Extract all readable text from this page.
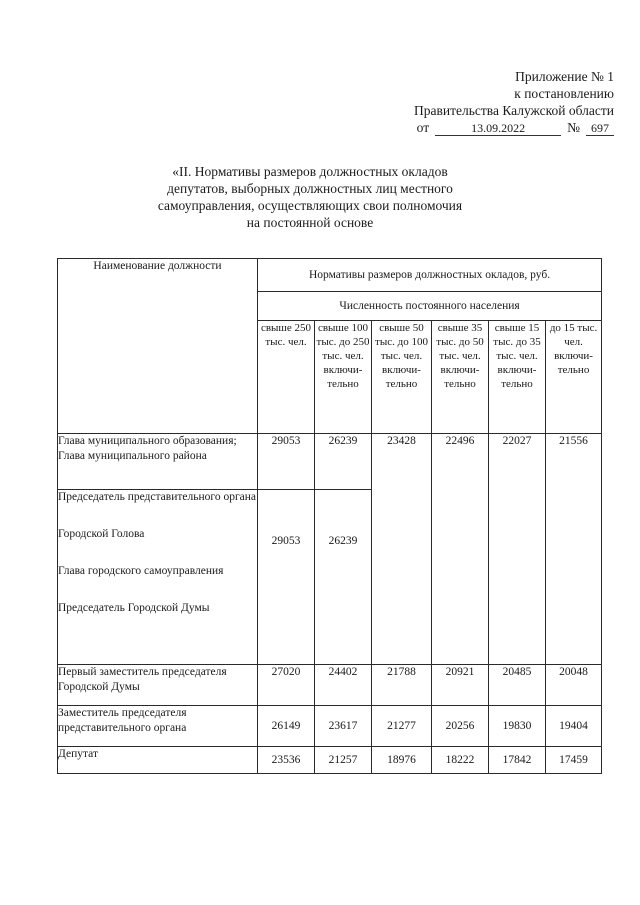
Приложение № 1
к постановлению
Правительства Калужской области
от	13.09.2022	№ 697
«II. Нормативы размеров должностных окладов
депутатов, выборных должностных лиц местного
самоуправления, осуществляющих свои полномочия
на постоянной основе
Наименование должности	Нормативы размеров должностных окладов, руб.					
	Численность постоянного населения					
	свыше 250 тыс. чел.	свыше 100 тыс. до 250 тыс. чел. включи-тельно	свыше 50 тыс. до 100 тыс. чел. включи-тельно	свыше 35 тыс. до 50 тыс. чел. включи-тельно	свыше 15 тыс. до 35 тыс. чел. включи-тельно	до 15 тыс. чел. включи-тельно
Глава муниципального образования; Глава муниципального района	29053	26239	23428	22496	22027	21556

Председатель представительного органа
Городской Голова
Глава городского самоуправления
Председатель Городской Думы	29053	26239				
Первый заместитель председателя Городской Думы	27020	24402	21788	20921	20485	20048
Заместитель председателя представительного органа	26149	23617	21277	20256	19830	19404
Депутат	23536	21257	18976	18222	17842	17459
